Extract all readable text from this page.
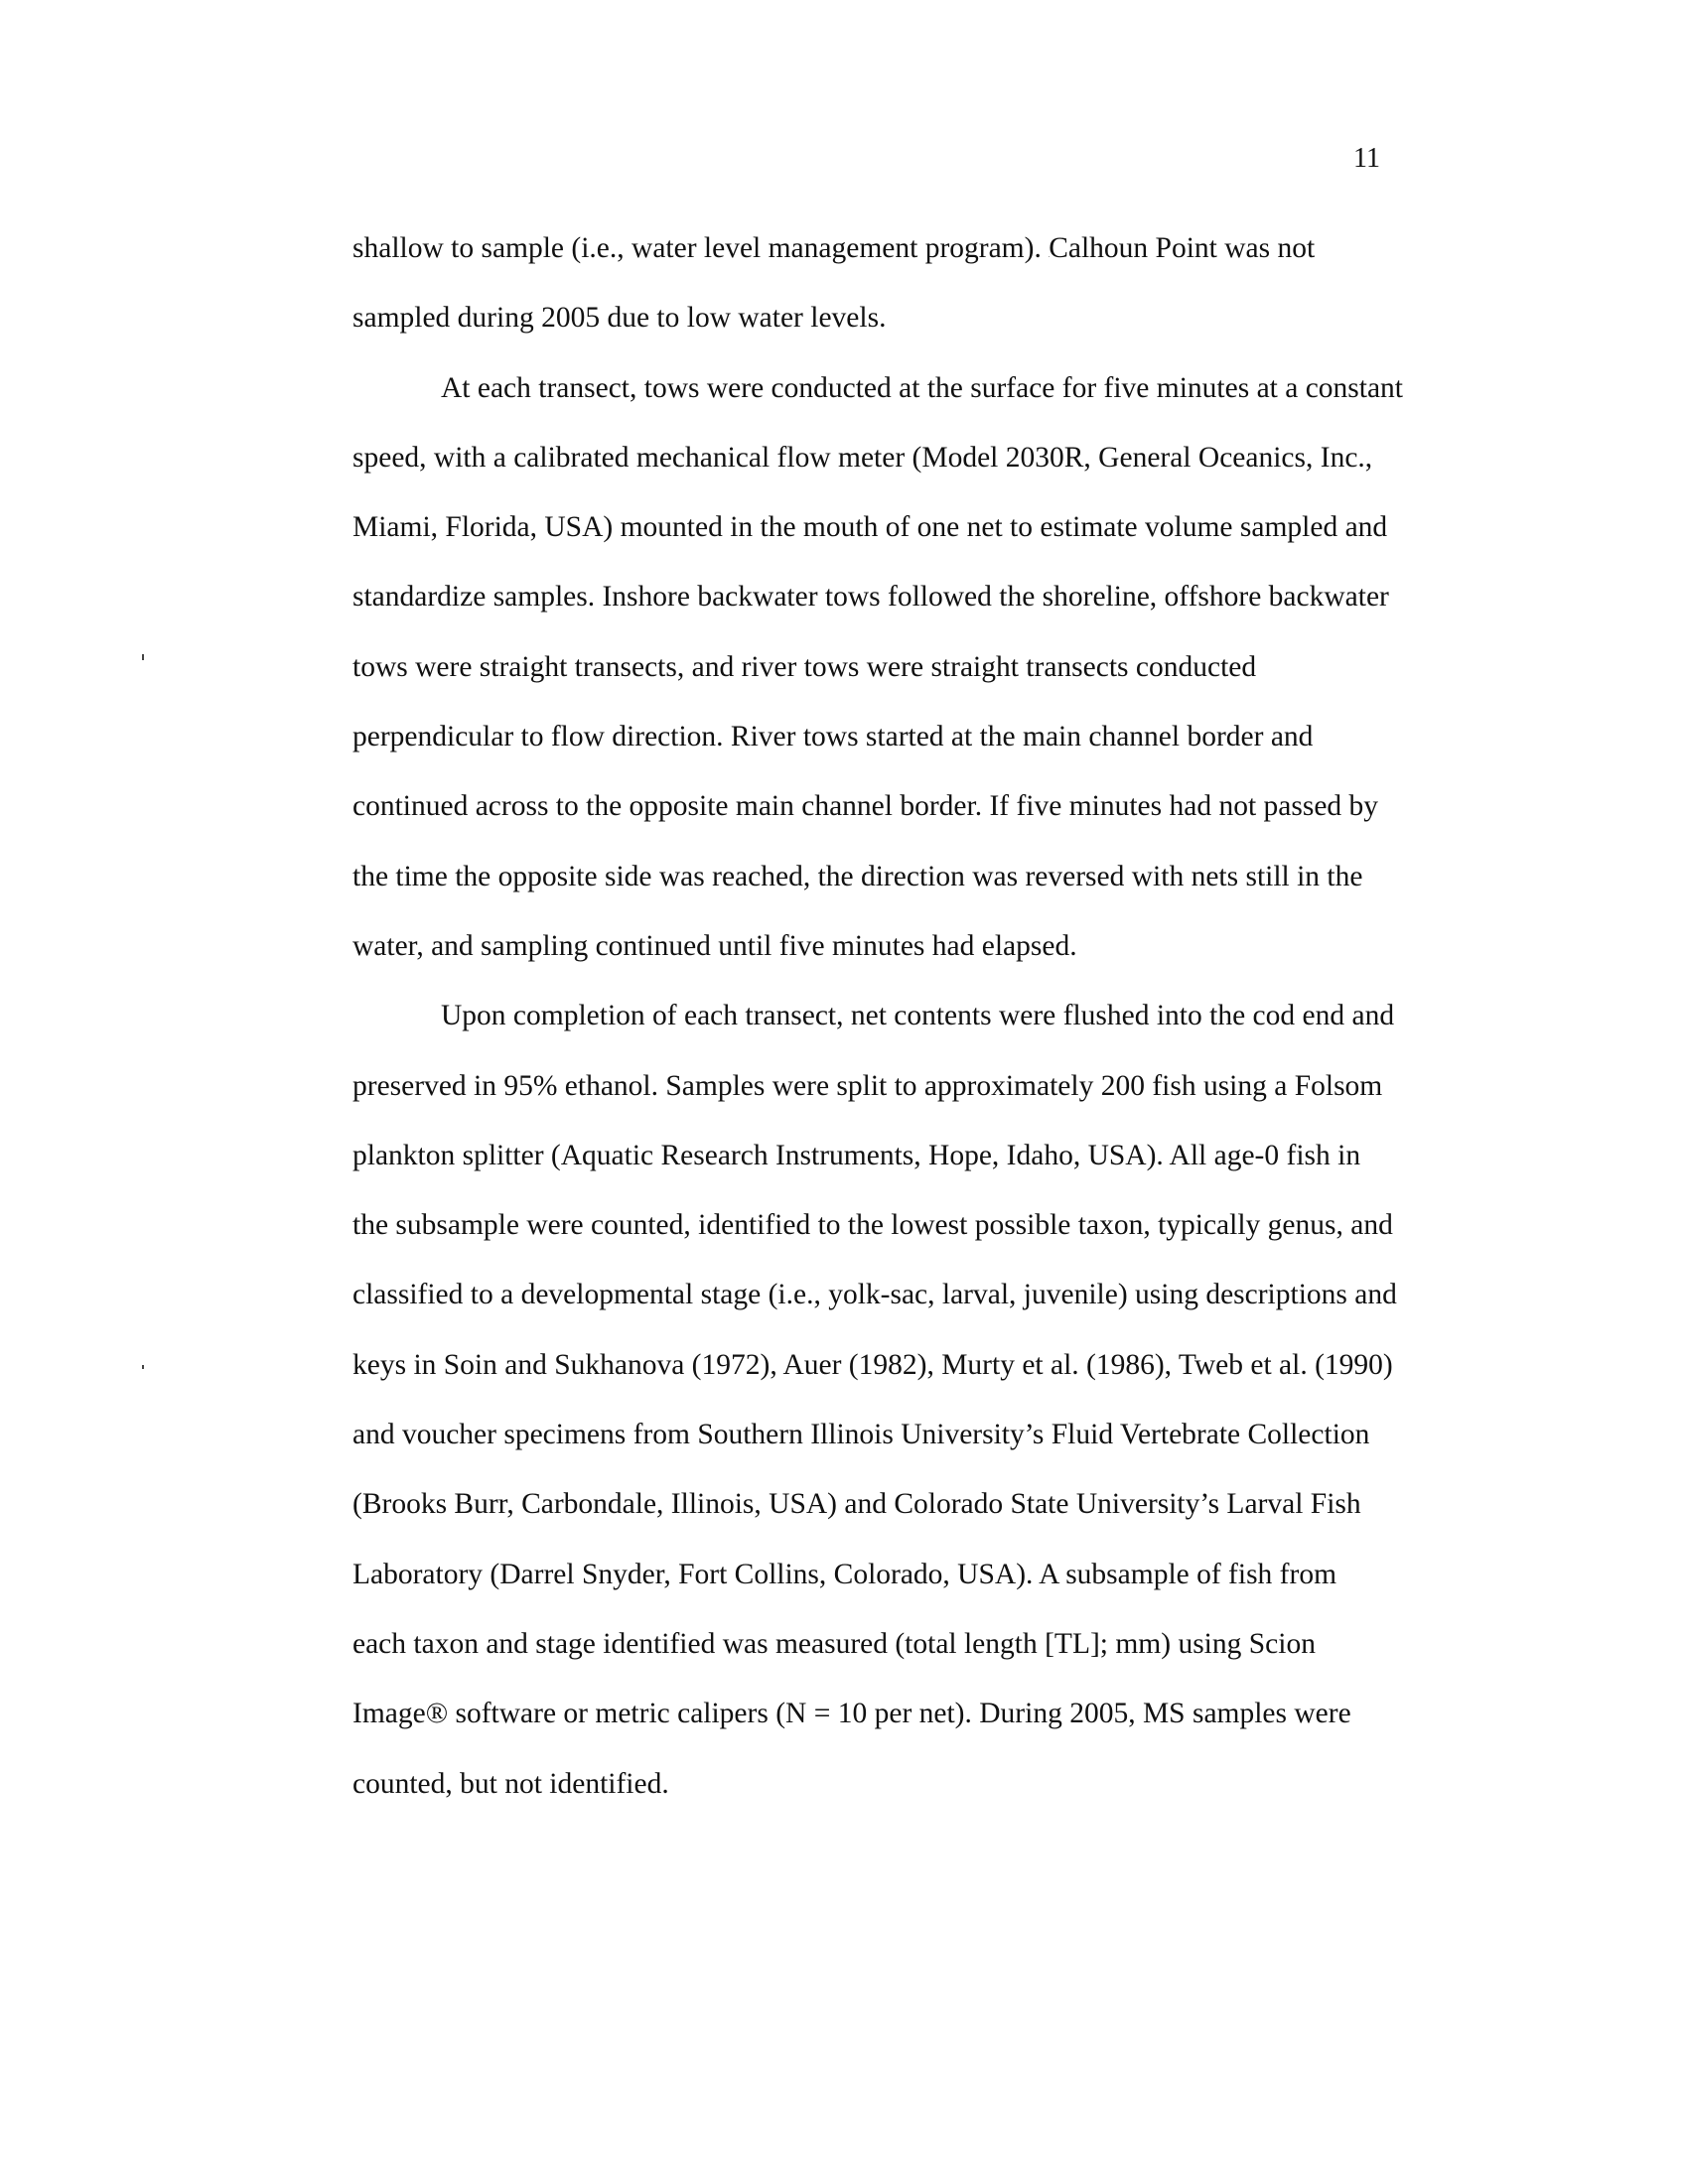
11
shallow to sample (i.e., water level management program). Calhoun Point was not
sampled during 2005 due to low water levels.
At each transect, tows were conducted at the surface for five minutes at a constant
speed, with a calibrated mechanical flow meter (Model 2030R, General Oceanics, Inc.,
Miami, Florida, USA) mounted in the mouth of one net to estimate volume sampled and
standardize samples. Inshore backwater tows followed the shoreline, offshore backwater
tows were straight transects, and river tows were straight transects conducted
perpendicular to flow direction. River tows started at the main channel border and
continued across to the opposite main channel border. If five minutes had not passed by
the time the opposite side was reached, the direction was reversed with nets still in the
water, and sampling continued until five minutes had elapsed.
Upon completion of each transect, net contents were flushed into the cod end and
preserved in 95% ethanol. Samples were split to approximately 200 fish using a Folsom
plankton splitter (Aquatic Research Instruments, Hope, Idaho, USA). All age-0 fish in
the subsample were counted, identified to the lowest possible taxon, typically genus, and
classified to a developmental stage (i.e., yolk-sac, larval, juvenile) using descriptions and
keys in Soin and Sukhanova (1972), Auer (1982), Murty et al. (1986), Tweb et al. (1990)
and voucher specimens from Southern Illinois University’s Fluid Vertebrate Collection
(Brooks Burr, Carbondale, Illinois, USA) and Colorado State University’s Larval Fish
Laboratory (Darrel Snyder, Fort Collins, Colorado, USA). A subsample of fish from
each taxon and stage identified was measured (total length [TL]; mm) using Scion
Image® software or metric calipers (N = 10 per net). During 2005, MS samples were
counted, but not identified.
